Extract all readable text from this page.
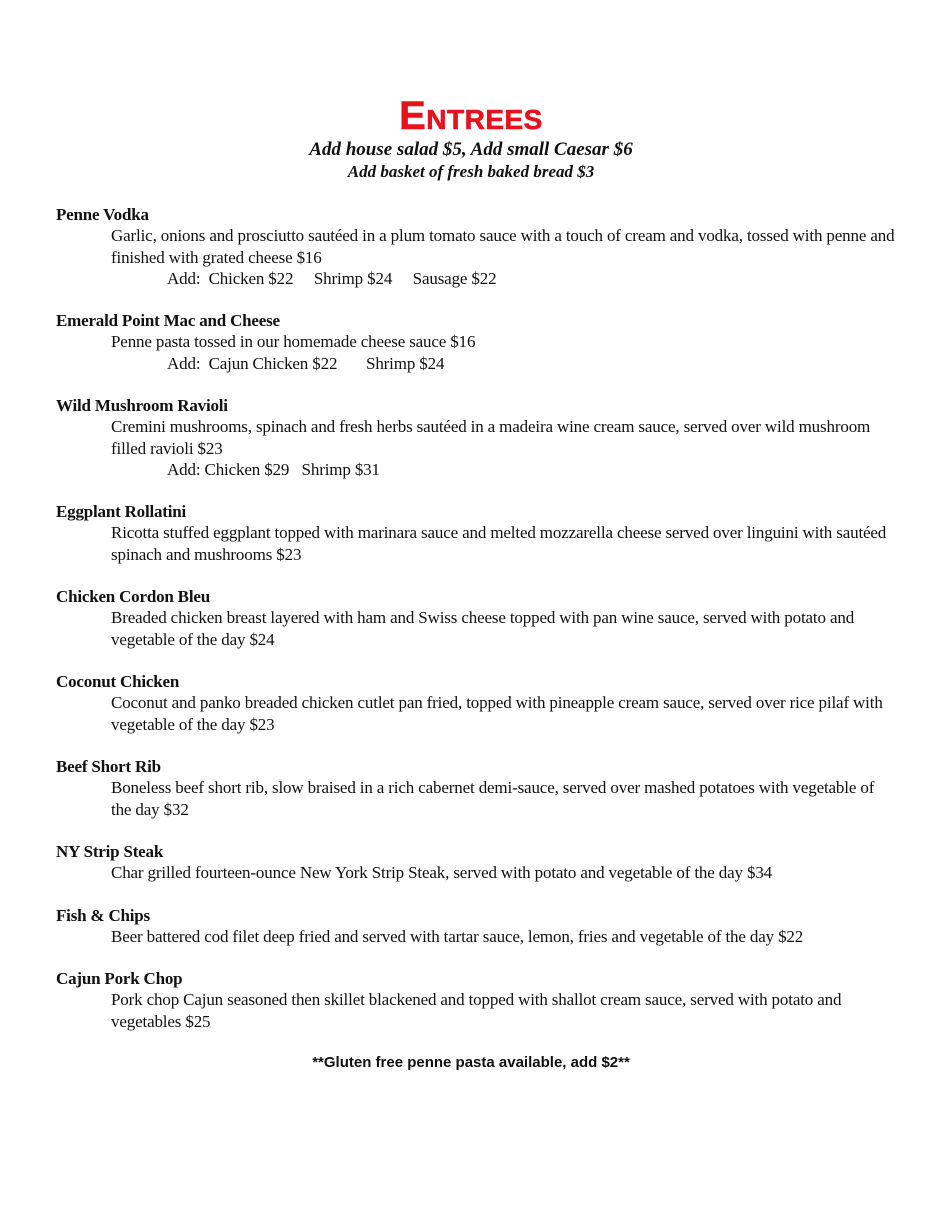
Entrees
Add house salad $5, Add small Caesar $6
Add basket of fresh baked bread $3
Penne Vodka
Garlic, onions and prosciutto sautéed in a plum tomato sauce with a touch of cream and vodka, tossed with penne and finished with grated cheese $16
Add:  Chicken $22     Shrimp $24     Sausage $22
Emerald Point Mac and Cheese
Penne pasta tossed in our homemade cheese sauce $16
Add:  Cajun Chicken $22       Shrimp $24
Wild Mushroom Ravioli
Cremini mushrooms, spinach and fresh herbs sautéed in a madeira wine cream sauce, served over wild mushroom filled ravioli $23
Add: Chicken $29   Shrimp $31
Eggplant Rollatini
Ricotta stuffed eggplant topped with marinara sauce and melted mozzarella cheese served over linguini with sautéed spinach and mushrooms $23
Chicken Cordon Bleu
Breaded chicken breast layered with ham and Swiss cheese topped with pan wine sauce, served with potato and vegetable of the day $24
Coconut Chicken
Coconut and panko breaded chicken cutlet pan fried, topped with pineapple cream sauce, served over rice pilaf with vegetable of the day $23
Beef Short Rib
Boneless beef short rib, slow braised in a rich cabernet demi-sauce, served over mashed potatoes with vegetable of the day $32
NY Strip Steak
Char grilled fourteen-ounce New York Strip Steak, served with potato and vegetable of the day $34
Fish & Chips
Beer battered cod filet deep fried and served with tartar sauce, lemon, fries and vegetable of the day $22
Cajun Pork Chop
Pork chop Cajun seasoned then skillet blackened and topped with shallot cream sauce, served with potato and vegetables $25
**Gluten free penne pasta available, add $2**
